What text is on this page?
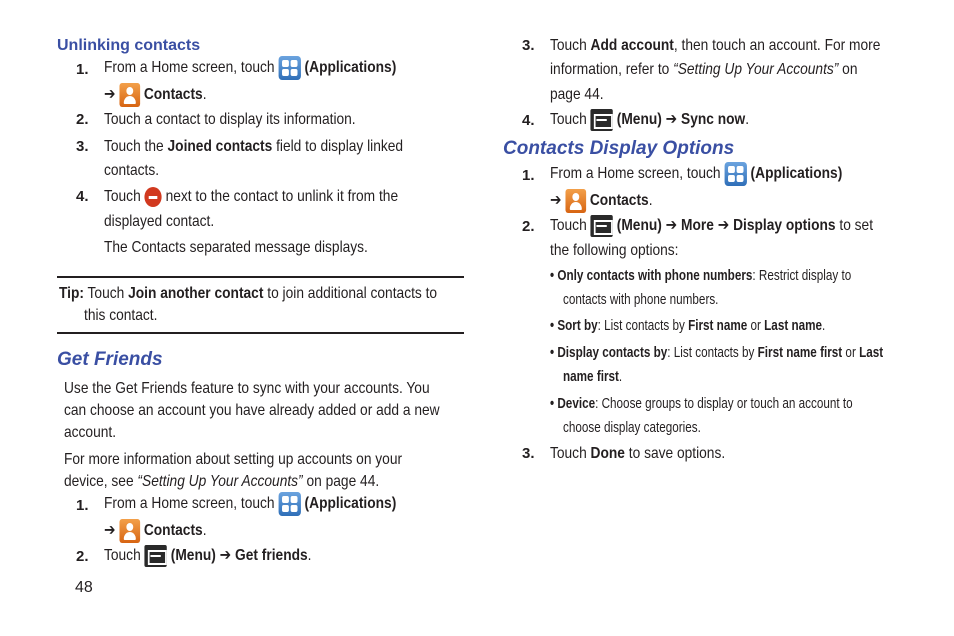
Unlinking contacts
1. From a Home screen, touch (Applications)
➔ Contacts.
2. Touch a contact to display its information.
3. Touch the Joined contacts field to display linked
contacts.
4. Touch next to the contact to unlink it from the
displayed contact.
The Contacts separated message displays.
Tip: Touch Join another contact to join additional contacts to
this contact.
Get Friends
Use the Get Friends feature to sync with your accounts. You
can choose an account you have already added or add a new
account.
For more information about setting up accounts on your
device, see “Setting Up Your Accounts” on page 44.
1. From a Home screen, touch (Applications)
➔ Contacts.
2. Touch (Menu) ➔ Get friends.
48
3. Touch Add account, then touch an account. For more
information, refer to “Setting Up Your Accounts” on
page 44.
4. Touch (Menu) ➔ Sync now.
Contacts Display Options
1. From a Home screen, touch (Applications)
➔ Contacts.
2. Touch (Menu) ➔ More ➔ Display options to set
the following options:
• Only contacts with phone numbers: Restrict display to
contacts with phone numbers.
• Sort by: List contacts by First name or Last name.
• Display contacts by: List contacts by First name first or Last
name first.
• Device: Choose groups to display or touch an account to
choose display categories.
3. Touch Done to save options.
